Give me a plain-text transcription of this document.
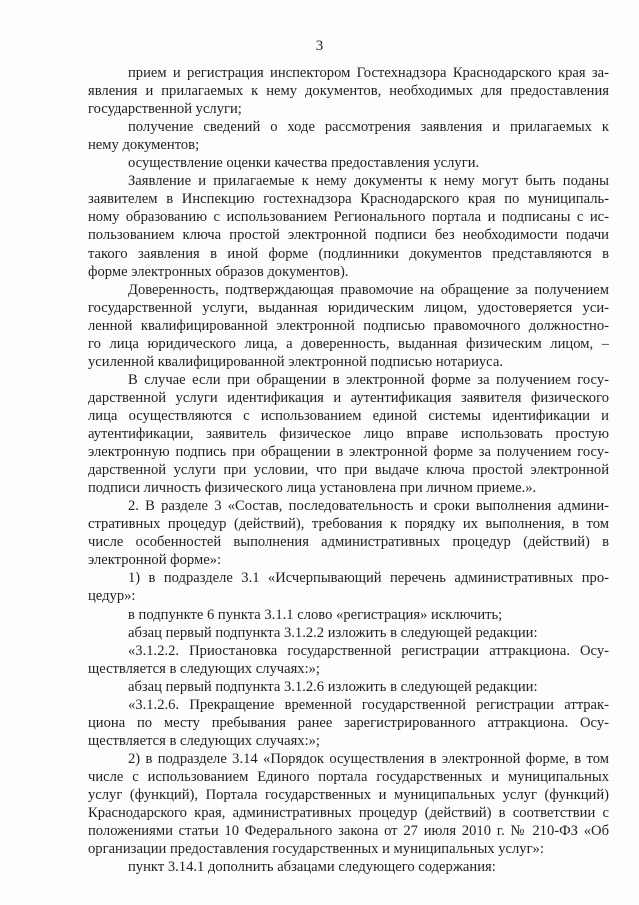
3
прием и регистрация инспектором Гостехнадзора Краснодарского края за-
явления и прилагаемых к нему документов, необходимых для предоставления
государственной услуги;
получение сведений о ходе рассмотрения заявления и прилагаемых к
нему документов;
осуществление оценки качества предоставления услуги.
Заявление и прилагаемые к нему документы к нему могут быть поданы
заявителем в Инспекцию гостехнадзора Краснодарского края по муниципаль-
ному образованию с использованием Регионального портала и подписаны с ис-
пользованием ключа простой электронной подписи без необходимости подачи
такого заявления в иной форме (подлинники документов представляются в
форме электронных образов документов).
Доверенность, подтверждающая правомочие на обращение за получением
государственной услуги, выданная юридическим лицом, удостоверяется уси-
ленной квалифицированной электронной подписью правомочного должностно-
го лица юридического лица, а доверенность, выданная физическим лицом, –
усиленной квалифицированной электронной подписью нотариуса.
В случае если при обращении в электронной форме за получением госу-
дарственной услуги идентификация и аутентификация заявителя физического
лица осуществляются с использованием единой системы идентификации и
аутентификации, заявитель физическое лицо вправе использовать простую
электронную подпись при обращении в электронной форме за получением госу-
дарственной услуги при условии, что при выдаче ключа простой электронной
подписи личность физического лица установлена при личном приеме.».
2. В разделе 3 «Состав, последовательность и сроки выполнения админи-
стративных процедур (действий), требования к порядку их выполнения, в том
числе особенностей выполнения административных процедур (действий) в
электронной форме»:
1) в подразделе 3.1 «Исчерпывающий перечень административных про-
цедур»:
в подпункте 6 пункта 3.1.1 слово «регистрация» исключить;
абзац первый подпункта 3.1.2.2 изложить в следующей редакции:
«3.1.2.2. Приостановка государственной регистрации аттракциона. Осу-
ществляется в следующих случаях:»;
абзац первый подпункта 3.1.2.6 изложить в следующей редакции:
«3.1.2.6. Прекращение временной государственной регистрации аттрак-
циона по месту пребывания ранее зарегистрированного аттракциона. Осу-
ществляется в следующих случаях:»;
2) в подразделе 3.14 «Порядок осуществления в электронной форме, в том
числе с использованием Единого портала государственных и муниципальных
услуг (функций), Портала государственных и муниципальных услуг (функций)
Краснодарского края, административных процедур (действий) в соответствии с
положениями статьи 10 Федерального закона от 27 июля 2010 г. № 210-ФЗ «Об
организации предоставления государственных и муниципальных услуг»:
пункт 3.14.1 дополнить абзацами следующего содержания:
